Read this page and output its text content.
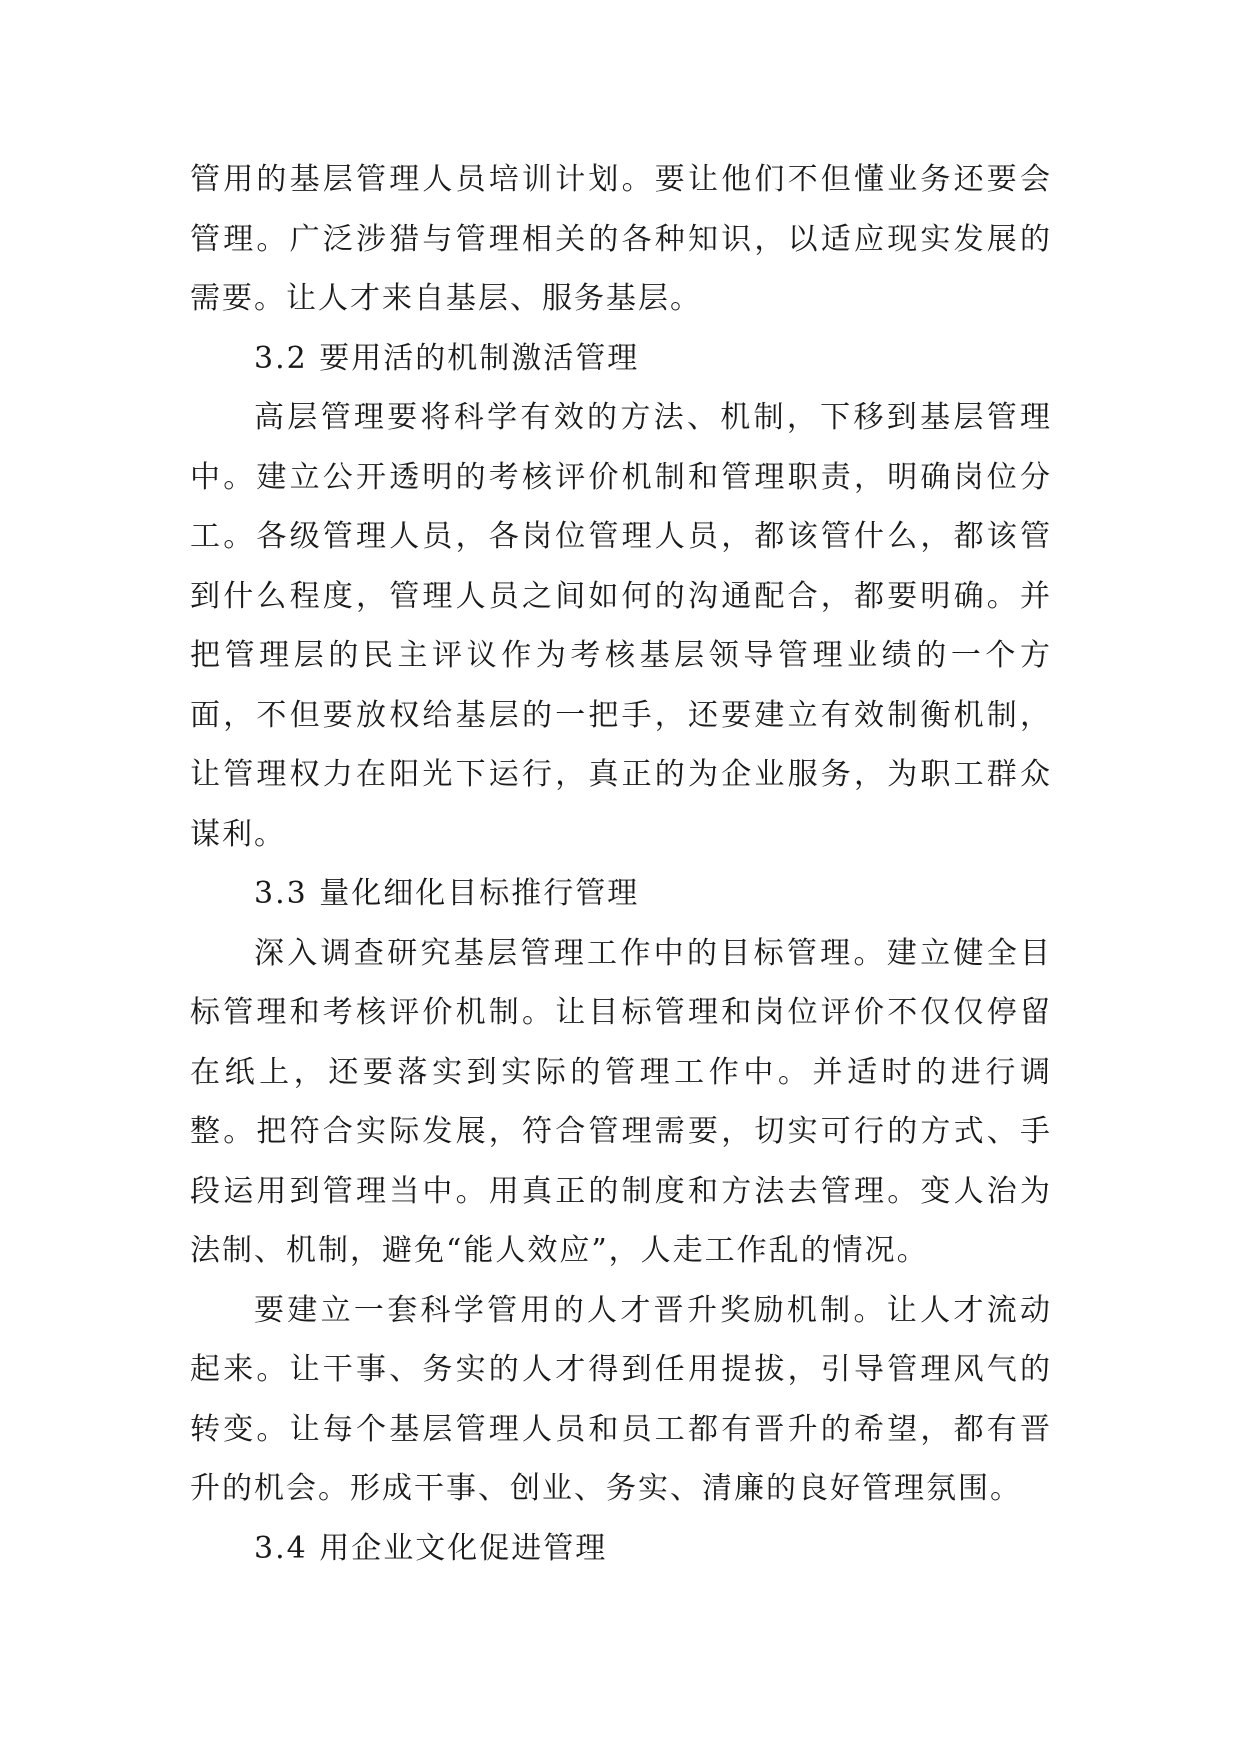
管用的基层管理人员培训计划。要让他们不但懂业务还要会管理。广泛涉猎与管理相关的各种知识，以适应现实发展的需要。让人才来自基层、服务基层。

3.2 要用活的机制激活管理

高层管理要将科学有效的方法、机制，下移到基层管理中。建立公开透明的考核评价机制和管理职责，明确岗位分工。各级管理人员，各岗位管理人员，都该管什么，都该管到什么程度，管理人员之间如何的沟通配合，都要明确。并把管理层的民主评议作为考核基层领导管理业绩的一个方面，不但要放权给基层的一把手，还要建立有效制衡机制，让管理权力在阳光下运行，真正的为企业服务，为职工群众谋利。

3.3 量化细化目标推行管理

深入调查研究基层管理工作中的目标管理。建立健全目标管理和考核评价机制。让目标管理和岗位评价不仅仅停留在纸上，还要落实到实际的管理工作中。并适时的进行调整。把符合实际发展，符合管理需要，切实可行的方式、手段运用到管理当中。用真正的制度和方法去管理。变人治为法制、机制，避免“能人效应”，人走工作乱的情况。

要建立一套科学管用的人才晋升奖励机制。让人才流动起来。让干事、务实的人才得到任用提拔，引导管理风气的转变。让每个基层管理人员和员工都有晋升的希望，都有晋升的机会。形成干事、创业、务实、清廉的良好管理氛围。

3.4 用企业文化促进管理
